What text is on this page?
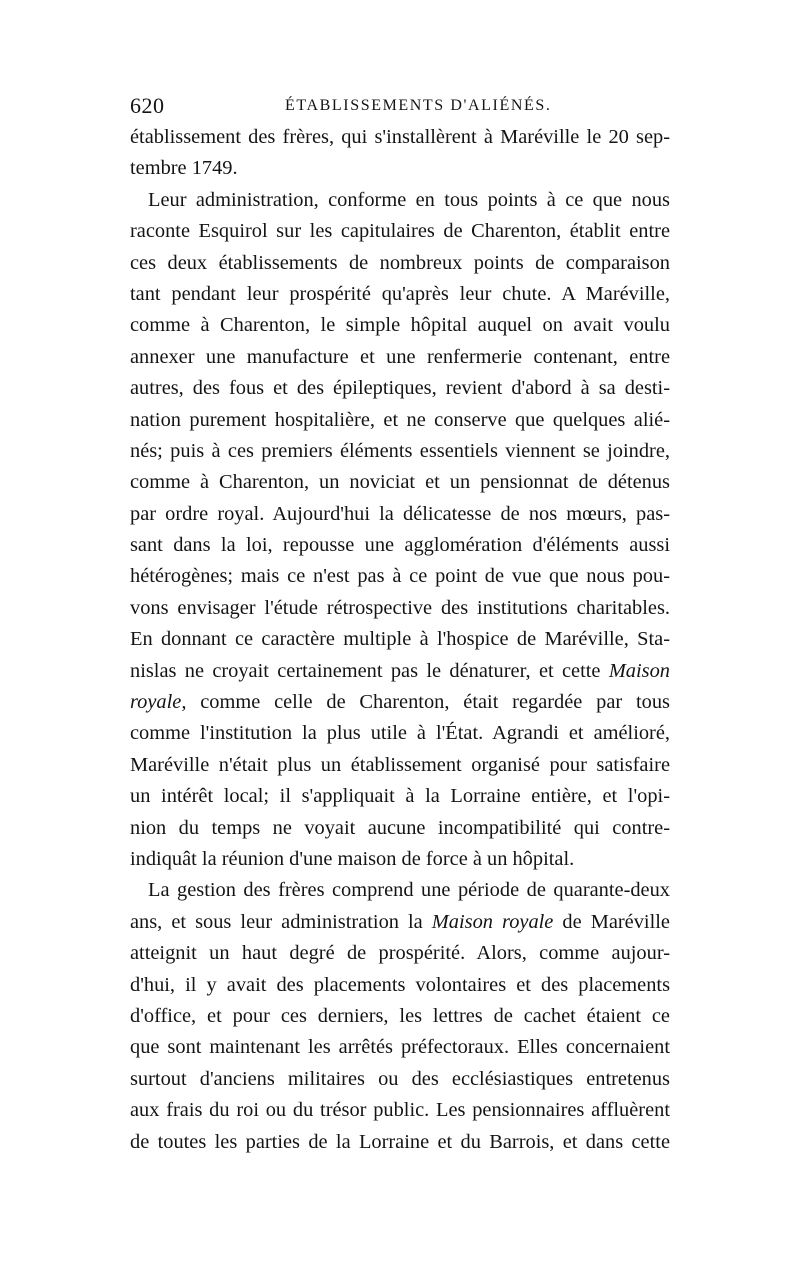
620	ÉTABLISSEMENTS D'ALIÉNÉS.
établissement des frères, qui s'installèrent à Maréville le 20 sep-
tembre 1749.
Leur administration, conforme en tous points à ce que nous
raconte Esquirol sur les capitulaires de Charenton, établit entre
ces deux établissements de nombreux points de comparaison
tant pendant leur prospérité qu'après leur chute. A Maréville,
comme à Charenton, le simple hôpital auquel on avait voulu
annexer une manufacture et une renfermerie contenant, entre
autres, des fous et des épileptiques, revient d'abord à sa desti-
nation purement hospitalière, et ne conserve que quelques alié-
nés; puis à ces premiers éléments essentiels viennent se joindre,
comme à Charenton, un noviciat et un pensionnat de détenus
par ordre royal. Aujourd'hui la délicatesse de nos mœurs, pas-
sant dans la loi, repousse une agglomération d'éléments aussi
hétérogènes; mais ce n'est pas à ce point de vue que nous pou-
vons envisager l'étude rétrospective des institutions charitables.
En donnant ce caractère multiple à l'hospice de Maréville, Sta-
nislas ne croyait certainement pas le dénaturer, et cette Maison
royale, comme celle de Charenton, était regardée par tous
comme l'institution la plus utile à l'État. Agrandi et amélioré,
Maréville n'était plus un établissement organisé pour satisfaire
un intérêt local; il s'appliquait à la Lorraine entière, et l'opi-
nion du temps ne voyait aucune incompatibilité qui contre-
indiquât la réunion d'une maison de force à un hôpital.
La gestion des frères comprend une période de quarante-deux
ans, et sous leur administration la Maison royale de Maréville
atteignit un haut degré de prospérité. Alors, comme aujour-
d'hui, il y avait des placements volontaires et des placements
d'office, et pour ces derniers, les lettres de cachet étaient ce
que sont maintenant les arrêtés préfectoraux. Elles concernaient
surtout d'anciens militaires ou des ecclésiastiques entretenus
aux frais du roi ou du trésor public. Les pensionnaires affluèrent
de toutes les parties de la Lorraine et du Barrois, et dans cette
